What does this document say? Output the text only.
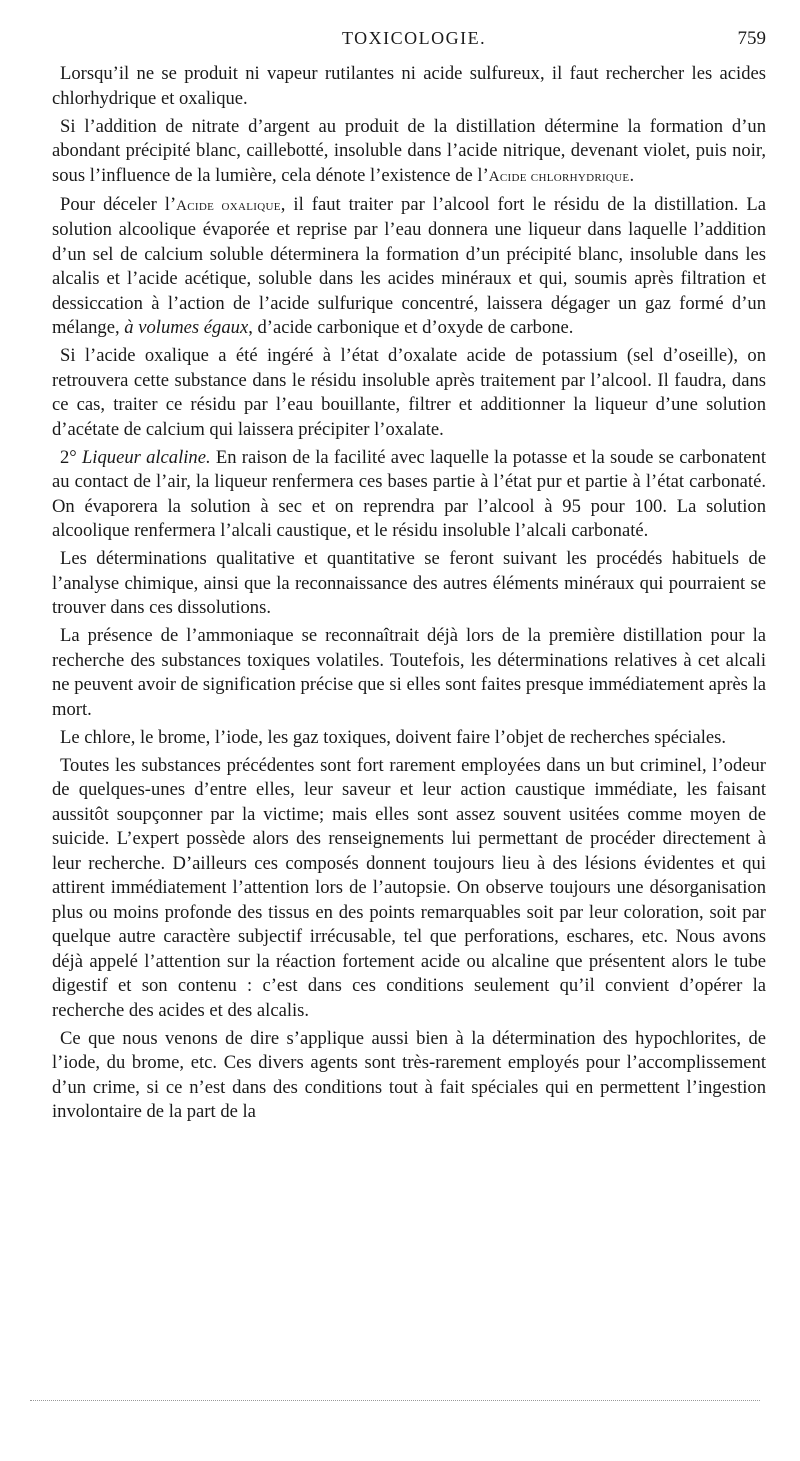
TOXICOLOGIE.	759

Lorsqu’il ne se produit ni vapeur rutilantes ni acide sulfureux, il faut rechercher les acides chlorhydrique et oxalique.

Si l’addition de nitrate d’argent au produit de la distillation détermine la formation d’un abondant précipité blanc, caillebotté, insoluble dans l’acide nitrique, devenant violet, puis noir, sous l’influence de la lumière, cela dénote l’existence de l’Acide chlorhydrique.

Pour déceler l’Acide oxalique, il faut traiter par l’alcool fort le résidu de la distillation. La solution alcoolique évaporée et reprise par l’eau donnera une liqueur dans laquelle l’addition d’un sel de calcium soluble déterminera la formation d’un précipité blanc, insoluble dans les alcalis et l’acide acétique, soluble dans les acides minéraux et qui, soumis après filtration et dessiccation à l’action de l’acide sulfurique concentré, laissera dégager un gaz formé d’un mélange, à volumes égaux, d’acide carbonique et d’oxyde de carbone.

Si l’acide oxalique a été ingéré à l’état d’oxalate acide de potassium (sel d’oseille), on retrouvera cette substance dans le résidu insoluble après traitement par l’alcool. Il faudra, dans ce cas, traiter ce résidu par l’eau bouillante, filtrer et additionner la liqueur d’une solution d’acétate de calcium qui laissera précipiter l’oxalate.

2° Liqueur alcaline. En raison de la facilité avec laquelle la potasse et la soude se carbonatent au contact de l’air, la liqueur renfermera ces bases partie à l’état pur et partie à l’état carbonaté. On évaporera la solution à sec et on reprendra par l’alcool à 95 pour 100. La solution alcoolique renfermera l’alcali caustique, et le résidu insoluble l’alcali carbonaté.

Les déterminations qualitative et quantitative se feront suivant les procédés habituels de l’analyse chimique, ainsi que la reconnaissance des autres éléments minéraux qui pourraient se trouver dans ces dissolutions.

La présence de l’ammoniaque se reconnaîtrait déjà lors de la première distillation pour la recherche des substances toxiques volatiles. Toutefois, les déterminations relatives à cet alcali ne peuvent avoir de signification précise que si elles sont faites presque immédiatement après la mort.

Le chlore, le brome, l’iode, les gaz toxiques, doivent faire l’objet de recherches spéciales.

Toutes les substances précédentes sont fort rarement employées dans un but criminel, l’odeur de quelques-unes d’entre elles, leur saveur et leur action caustique immédiate, les faisant aussitôt soupçonner par la victime; mais elles sont assez souvent usitées comme moyen de suicide. L’expert possède alors des renseignements lui permettant de procéder directement à leur recherche. D’ailleurs ces composés donnent toujours lieu à des lésions évidentes et qui attirent immédiatement l’attention lors de l’autopsie. On observe toujours une désorganisation plus ou moins profonde des tissus en des points remarquables soit par leur coloration, soit par quelque autre caractère subjectif irrécusable, tel que perforations, eschares, etc. Nous avons déjà appelé l’attention sur la réaction fortement acide ou alcaline que présentent alors le tube digestif et son contenu : c’est dans ces conditions seulement qu’il convient d’opérer la recherche des acides et des alcalis.

Ce que nous venons de dire s’applique aussi bien à la détermination des hypochlorites, de l’iode, du brome, etc. Ces divers agents sont très-rarement employés pour l’accomplissement d’un crime, si ce n’est dans des conditions tout à fait spéciales qui en permettent l’ingestion involontaire de la part de la
